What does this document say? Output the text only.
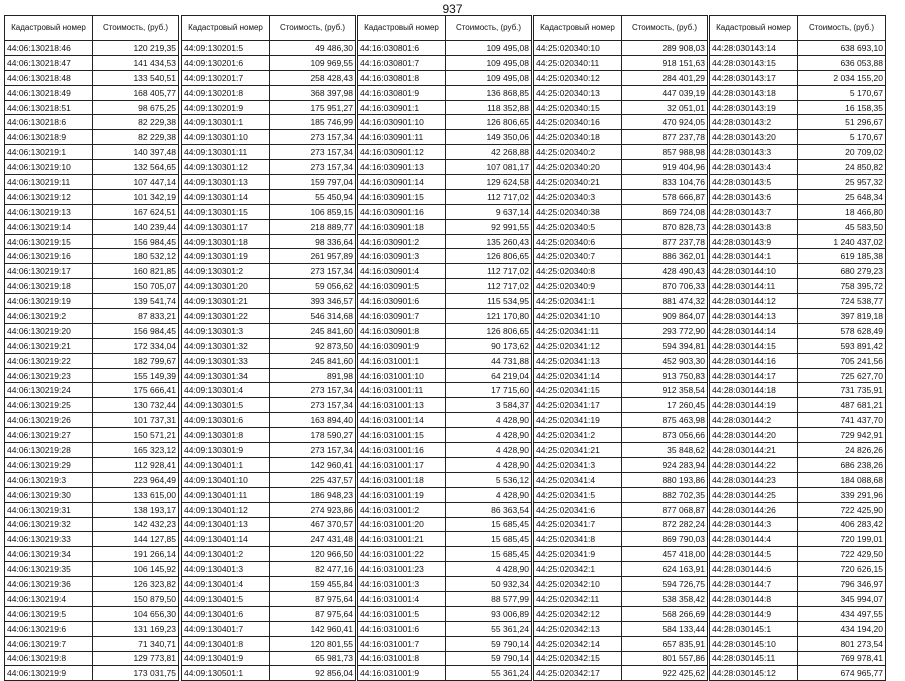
937
Кадастровый номер	Стоимость, (руб.)
44:06:130218:46	120 219,35
44:06:130218:47	141 434,53
44:06:130218:48	133 540,51
44:06:130218:49	168 405,77
44:06:130218:51	98 675,25
44:06:130218:6	82 229,38
44:06:130218:9	82 229,38
44:06:130219:1	140 397,48
44:06:130219:10	132 564,65
44:06:130219:11	107 447,14
44:06:130219:12	101 342,19
44:06:130219:13	167 624,51
44:06:130219:14	140 239,44
44:06:130219:15	156 984,45
44:06:130219:16	180 532,12
44:06:130219:17	160 821,85
44:06:130219:18	150 705,07
44:06:130219:19	139 541,74
44:06:130219:2	87 833,21
44:06:130219:20	156 984,45
44:06:130219:21	172 334,04
44:06:130219:22	182 799,67
44:06:130219:23	155 149,39
44:06:130219:24	175 666,41
44:06:130219:25	130 732,44
44:06:130219:26	101 737,31
44:06:130219:27	150 571,21
44:06:130219:28	165 323,12
44:06:130219:29	112 928,41
44:06:130219:3	223 964,49
44:06:130219:30	133 615,00
44:06:130219:31	138 193,17
44:06:130219:32	142 432,23
44:06:130219:33	144 127,85
44:06:130219:34	191 266,14
44:06:130219:35	106 145,92
44:06:130219:36	126 323,82
44:06:130219:4	150 879,50
44:06:130219:5	104 656,30
44:06:130219:6	131 169,23
44:06:130219:7	71 340,71
44:06:130219:8	129 773,81
44:06:130219:9	173 031,75
Кадастровый номер	Стоимость, (руб.)
44:09:130201:5	49 486,30
44:09:130201:6	109 969,55
44:09:130201:7	258 428,43
44:09:130201:8	368 397,98
44:09:130201:9	175 951,27
44:09:130301:1	185 746,99
44:09:130301:10	273 157,34
44:09:130301:11	273 157,34
44:09:130301:12	273 157,34
44:09:130301:13	159 797,04
44:09:130301:14	55 450,94
44:09:130301:15	106 859,15
44:09:130301:17	218 889,77
44:09:130301:18	98 336,64
44:09:130301:19	261 957,89
44:09:130301:2	273 157,34
44:09:130301:20	59 056,62
44:09:130301:21	393 346,57
44:09:130301:22	546 314,68
44:09:130301:3	245 841,60
44:09:130301:32	92 873,50
44:09:130301:33	245 841,60
44:09:130301:34	891,98
44:09:130301:4	273 157,34
44:09:130301:5	273 157,34
44:09:130301:6	163 894,40
44:09:130301:8	178 590,27
44:09:130301:9	273 157,34
44:09:130401:1	142 960,41
44:09:130401:10	225 437,57
44:09:130401:11	186 948,23
44:09:130401:12	274 923,86
44:09:130401:13	467 370,57
44:09:130401:14	247 431,48
44:09:130401:2	120 966,50
44:09:130401:3	82 477,16
44:09:130401:4	159 455,84
44:09:130401:5	87 975,64
44:09:130401:6	87 975,64
44:09:130401:7	142 960,41
44:09:130401:8	120 801,55
44:09:130401:9	65 981,73
44:09:130501:1	92 856,04
Кадастровый номер	Стоимость, (руб.)
44:16:030801:6	109 495,08
44:16:030801:7	109 495,08
44:16:030801:8	109 495,08
44:16:030801:9	136 868,85
44:16:030901:1	118 352,88
44:16:030901:10	126 806,65
44:16:030901:11	149 350,06
44:16:030901:12	42 268,88
44:16:030901:13	107 081,17
44:16:030901:14	129 624,58
44:16:030901:15	112 717,02
44:16:030901:16	9 637,14
44:16:030901:18	92 991,55
44:16:030901:2	135 260,43
44:16:030901:3	126 806,65
44:16:030901:4	112 717,02
44:16:030901:5	112 717,02
44:16:030901:6	115 534,95
44:16:030901:7	121 170,80
44:16:030901:8	126 806,65
44:16:030901:9	90 173,62
44:16:031001:1	44 731,88
44:16:031001:10	64 219,04
44:16:031001:11	17 715,60
44:16:031001:13	3 584,37
44:16:031001:14	4 428,90
44:16:031001:15	4 428,90
44:16:031001:16	4 428,90
44:16:031001:17	4 428,90
44:16:031001:18	5 536,12
44:16:031001:19	4 428,90
44:16:031001:2	86 363,54
44:16:031001:20	15 685,45
44:16:031001:21	15 685,45
44:16:031001:22	15 685,45
44:16:031001:23	4 428,90
44:16:031001:3	50 932,34
44:16:031001:4	88 577,99
44:16:031001:5	93 006,89
44:16:031001:6	55 361,24
44:16:031001:7	59 790,14
44:16:031001:8	59 790,14
44:16:031001:9	55 361,24
Кадастровый номер	Стоимость, (руб.)
44:25:020340:10	289 908,03
44:25:020340:11	918 151,63
44:25:020340:12	284 401,29
44:25:020340:13	447 039,19
44:25:020340:15	32 051,01
44:25:020340:16	470 924,05
44:25:020340:18	877 237,78
44:25:020340:2	857 988,98
44:25:020340:20	919 404,96
44:25:020340:21	833 104,76
44:25:020340:3	578 666,87
44:25:020340:38	869 724,08
44:25:020340:5	870 828,73
44:25:020340:6	877 237,78
44:25:020340:7	886 362,01
44:25:020340:8	428 490,43
44:25:020340:9	870 706,33
44:25:020341:1	881 474,32
44:25:020341:10	909 864,07
44:25:020341:11	293 772,90
44:25:020341:12	594 394,81
44:25:020341:13	452 903,30
44:25:020341:14	913 750,83
44:25:020341:15	912 358,54
44:25:020341:17	17 260,45
44:25:020341:19	875 463,98
44:25:020341:2	873 056,66
44:25:020341:21	35 848,62
44:25:020341:3	924 283,94
44:25:020341:4	880 193,86
44:25:020341:5	882 702,35
44:25:020341:6	877 068,87
44:25:020341:7	872 282,24
44:25:020341:8	869 790,03
44:25:020341:9	457 418,00
44:25:020342:1	624 163,91
44:25:020342:10	594 726,75
44:25:020342:11	538 358,42
44:25:020342:12	568 266,69
44:25:020342:13	584 133,44
44:25:020342:14	657 835,91
44:25:020342:15	801 557,86
44:25:020342:17	922 425,62
Кадастровый номер	Стоимость, (руб.)
44:28:030143:14	638 693,10
44:28:030143:15	636 053,88
44:28:030143:17	2 034 155,20
44:28:030143:18	5 170,67
44:28:030143:19	16 158,35
44:28:030143:2	51 296,67
44:28:030143:20	5 170,67
44:28:030143:3	20 709,02
44:28:030143:4	24 850,82
44:28:030143:5	25 957,32
44:28:030143:6	25 648,34
44:28:030143:7	18 466,80
44:28:030143:8	45 583,50
44:28:030143:9	1 240 437,02
44:28:030144:1	619 185,38
44:28:030144:10	680 279,23
44:28:030144:11	758 395,72
44:28:030144:12	724 538,77
44:28:030144:13	397 819,18
44:28:030144:14	578 628,49
44:28:030144:15	593 891,42
44:28:030144:16	705 241,56
44:28:030144:17	725 627,70
44:28:030144:18	731 735,91
44:28:030144:19	487 681,21
44:28:030144:2	741 437,70
44:28:030144:20	729 942,91
44:28:030144:21	24 826,26
44:28:030144:22	686 238,26
44:28:030144:23	184 088,68
44:28:030144:25	339 291,96
44:28:030144:26	722 425,90
44:28:030144:3	406 283,42
44:28:030144:4	720 199,01
44:28:030144:5	722 429,50
44:28:030144:6	720 626,15
44:28:030144:7	796 346,97
44:28:030144:8	345 994,07
44:28:030144:9	434 497,55
44:28:030145:1	434 194,20
44:28:030145:10	801 273,54
44:28:030145:11	769 978,41
44:28:030145:12	674 965,77
